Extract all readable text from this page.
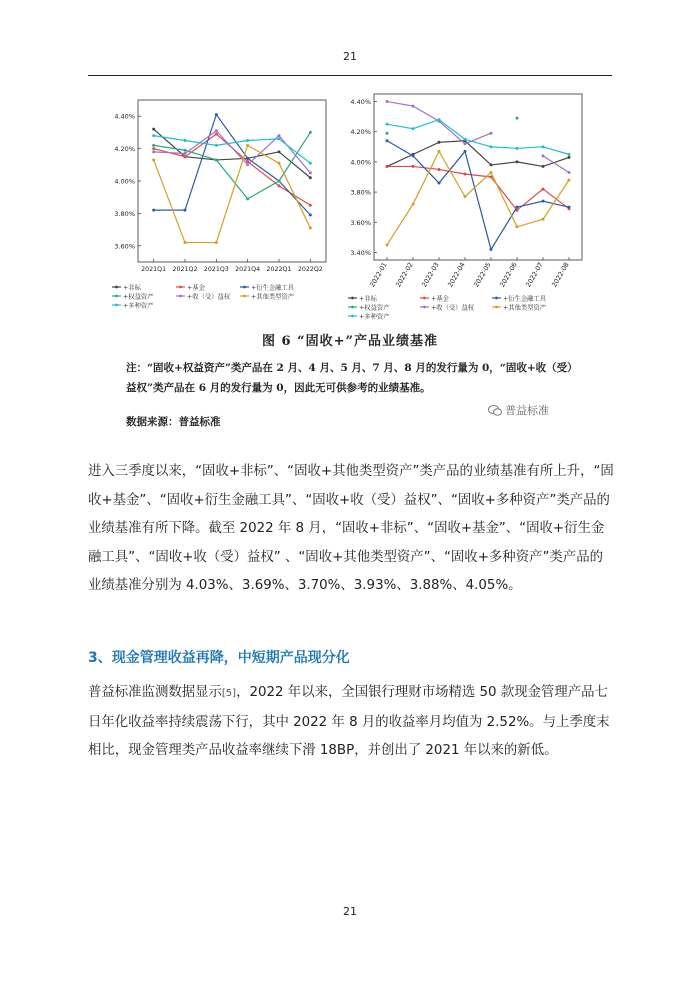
21
3.60%
3.80%
4.00%
4.20%
4.40%
2021Q1 2021Q2 2021Q3 2021Q4 2022Q1 2022Q2
+非标	+基金	+衍生金融工具
+权益资产	+收（受）益权	+其他类型资产
+多种资产
3.40%
3.60%
3.80%
4.00%
4.20%
4.40%
2022-01 2022-02 2022-03 2022-04 2022-05 2022-06 2022-07 2022-08
+非标	+基金	+衍生金融工具
+权益资产	+收（受）益权	+其他类型资产
+多种资产
图 6 “固收+”产品业绩基准
注：“固收+权益资产”类产品在 2 月、4 月、5 月、7 月、8 月的发行量为 0，“固收+收（受）益权”类产品在 6 月的发行量为 0，因此无可供参考的业绩基准。
数据来源：普益标准
普益标准
进入三季度以来，“固收+非标”、“固收+其他类型资产”类产品的业绩基准有所上升，“固收+基金”、“固收+衍生金融工具”、“固收+收（受）益权”、“固收+多种资产”类产品的业绩基准有所下降。截至 2022 年 8 月，“固收+非标”、“固收+基金”、“固收+衍生金融工具”、“固收+收（受）益权” 、“固收+其他类型资产”、“固收+多种资产”类产品的业绩基准分别为 4.03%、3.69%、3.70%、3.93%、3.88%、4.05%。
3、现金管理收益再降，中短期产品现分化
普益标准监测数据显示[5]，2022 年以来，全国银行理财市场精选 50 款现金管理产品七日年化收益率持续震荡下行，其中 2022 年 8 月的收益率月均值为 2.52%。与上季度末相比，现金管理类产品收益率继续下滑 18BP，并创出了 2021 年以来的新低。
21
